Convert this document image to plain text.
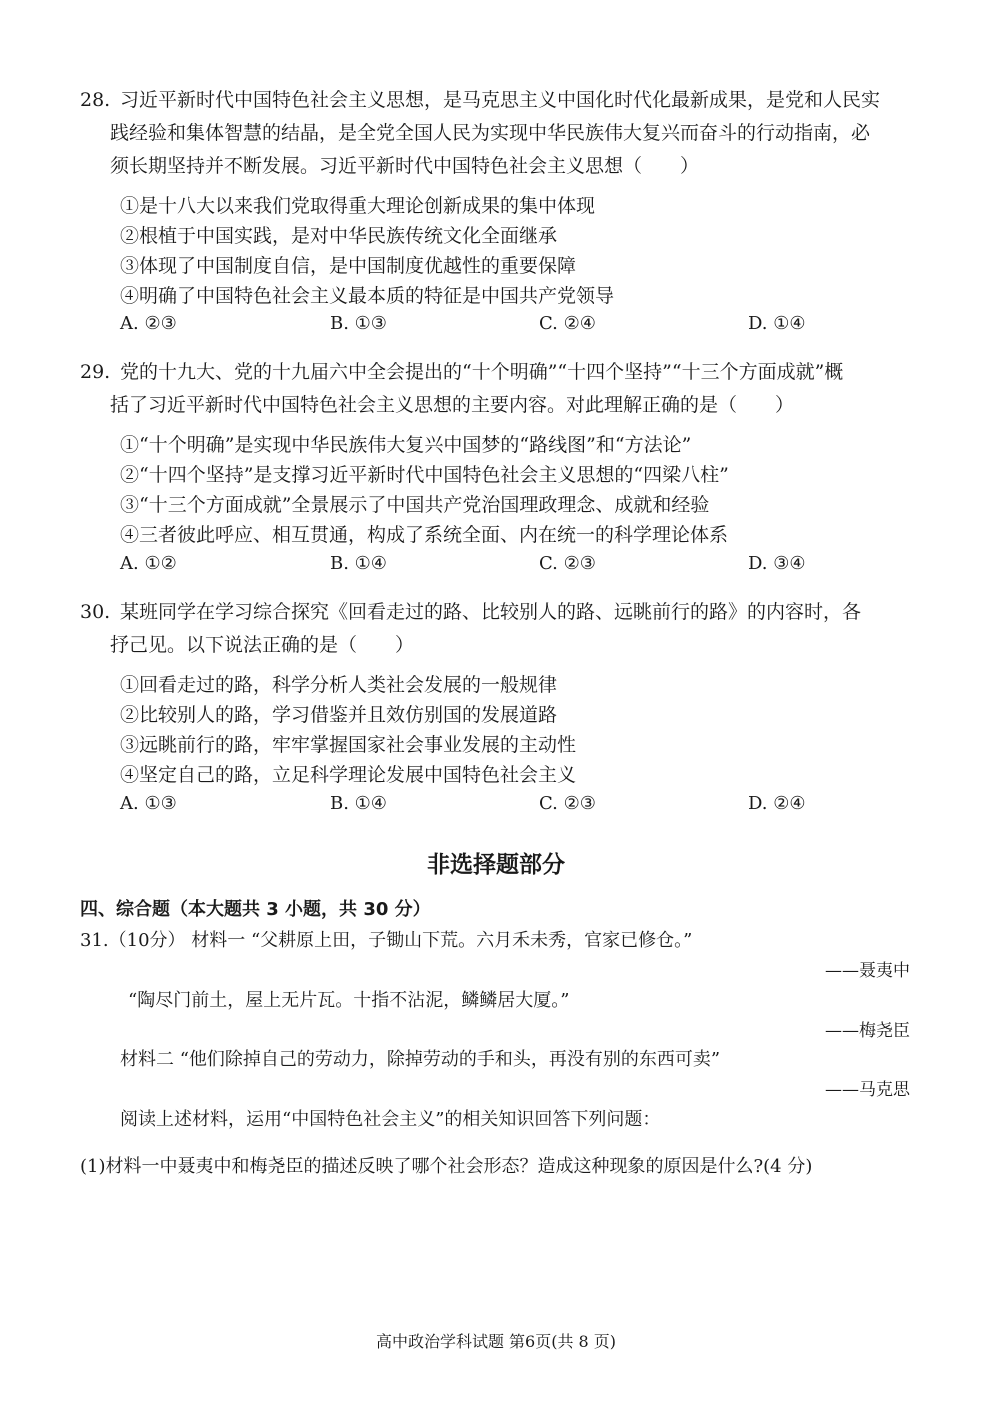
28. 习近平新时代中国特色社会主义思想，是马克思主义中国化时代化最新成果，是党和人民实
践经验和集体智慧的结晶，是全党全国人民为实现中华民族伟大复兴而奋斗的行动指南，必
须长期坚持并不断发展。习近平新时代中国特色社会主义思想（　　）
①是十八大以来我们党取得重大理论创新成果的集中体现
②根植于中国实践，是对中华民族传统文化全面继承
③体现了中国制度自信，是中国制度优越性的重要保障
④明确了中国特色社会主义最本质的特征是中国共产党领导
A. ②③	B. ①③	C. ②④	D. ①④
29. 党的十九大、党的十九届六中全会提出的“十个明确”“十四个坚持”“十三个方面成就”概
括了习近平新时代中国特色社会主义思想的主要内容。对此理解正确的是（　　）
①“十个明确”是实现中华民族伟大复兴中国梦的“路线图”和“方法论”
②“十四个坚持”是支撑习近平新时代中国特色社会主义思想的“四梁八柱”
③“十三个方面成就”全景展示了中国共产党治国理政理念、成就和经验
④三者彼此呼应、相互贯通，构成了系统全面、内在统一的科学理论体系
A. ①②	B. ①④	C. ②③	D. ③④
30. 某班同学在学习综合探究《回看走过的路、比较别人的路、远眺前行的路》的内容时，各
抒己见。以下说法正确的是（　　）
①回看走过的路，科学分析人类社会发展的一般规律
②比较别人的路，学习借鉴并且效仿别国的发展道路
③远眺前行的路，牢牢掌握国家社会事业发展的主动性
④坚定自己的路，立足科学理论发展中国特色社会主义
A. ①③	B. ①④	C. ②③	D. ②④
非选择题部分
四、综合题（本大题共 3 小题，共 30 分）
31.（10分） 材料一 “父耕原上田，子锄山下荒。六月禾未秀，官家已修仓。”
——聂夷中
“陶尽门前土，屋上无片瓦。十指不沾泥，鳞鳞居大厦。”
——梅尧臣
材料二 “他们除掉自己的劳动力，除掉劳动的手和头，再没有别的东西可卖”
——马克思
阅读上述材料，运用“中国特色社会主义”的相关知识回答下列问题：
(1)材料一中聂夷中和梅尧臣的描述反映了哪个社会形态？造成这种现象的原因是什么?(4 分)
高中政治学科试题 第6页(共 8 页)
